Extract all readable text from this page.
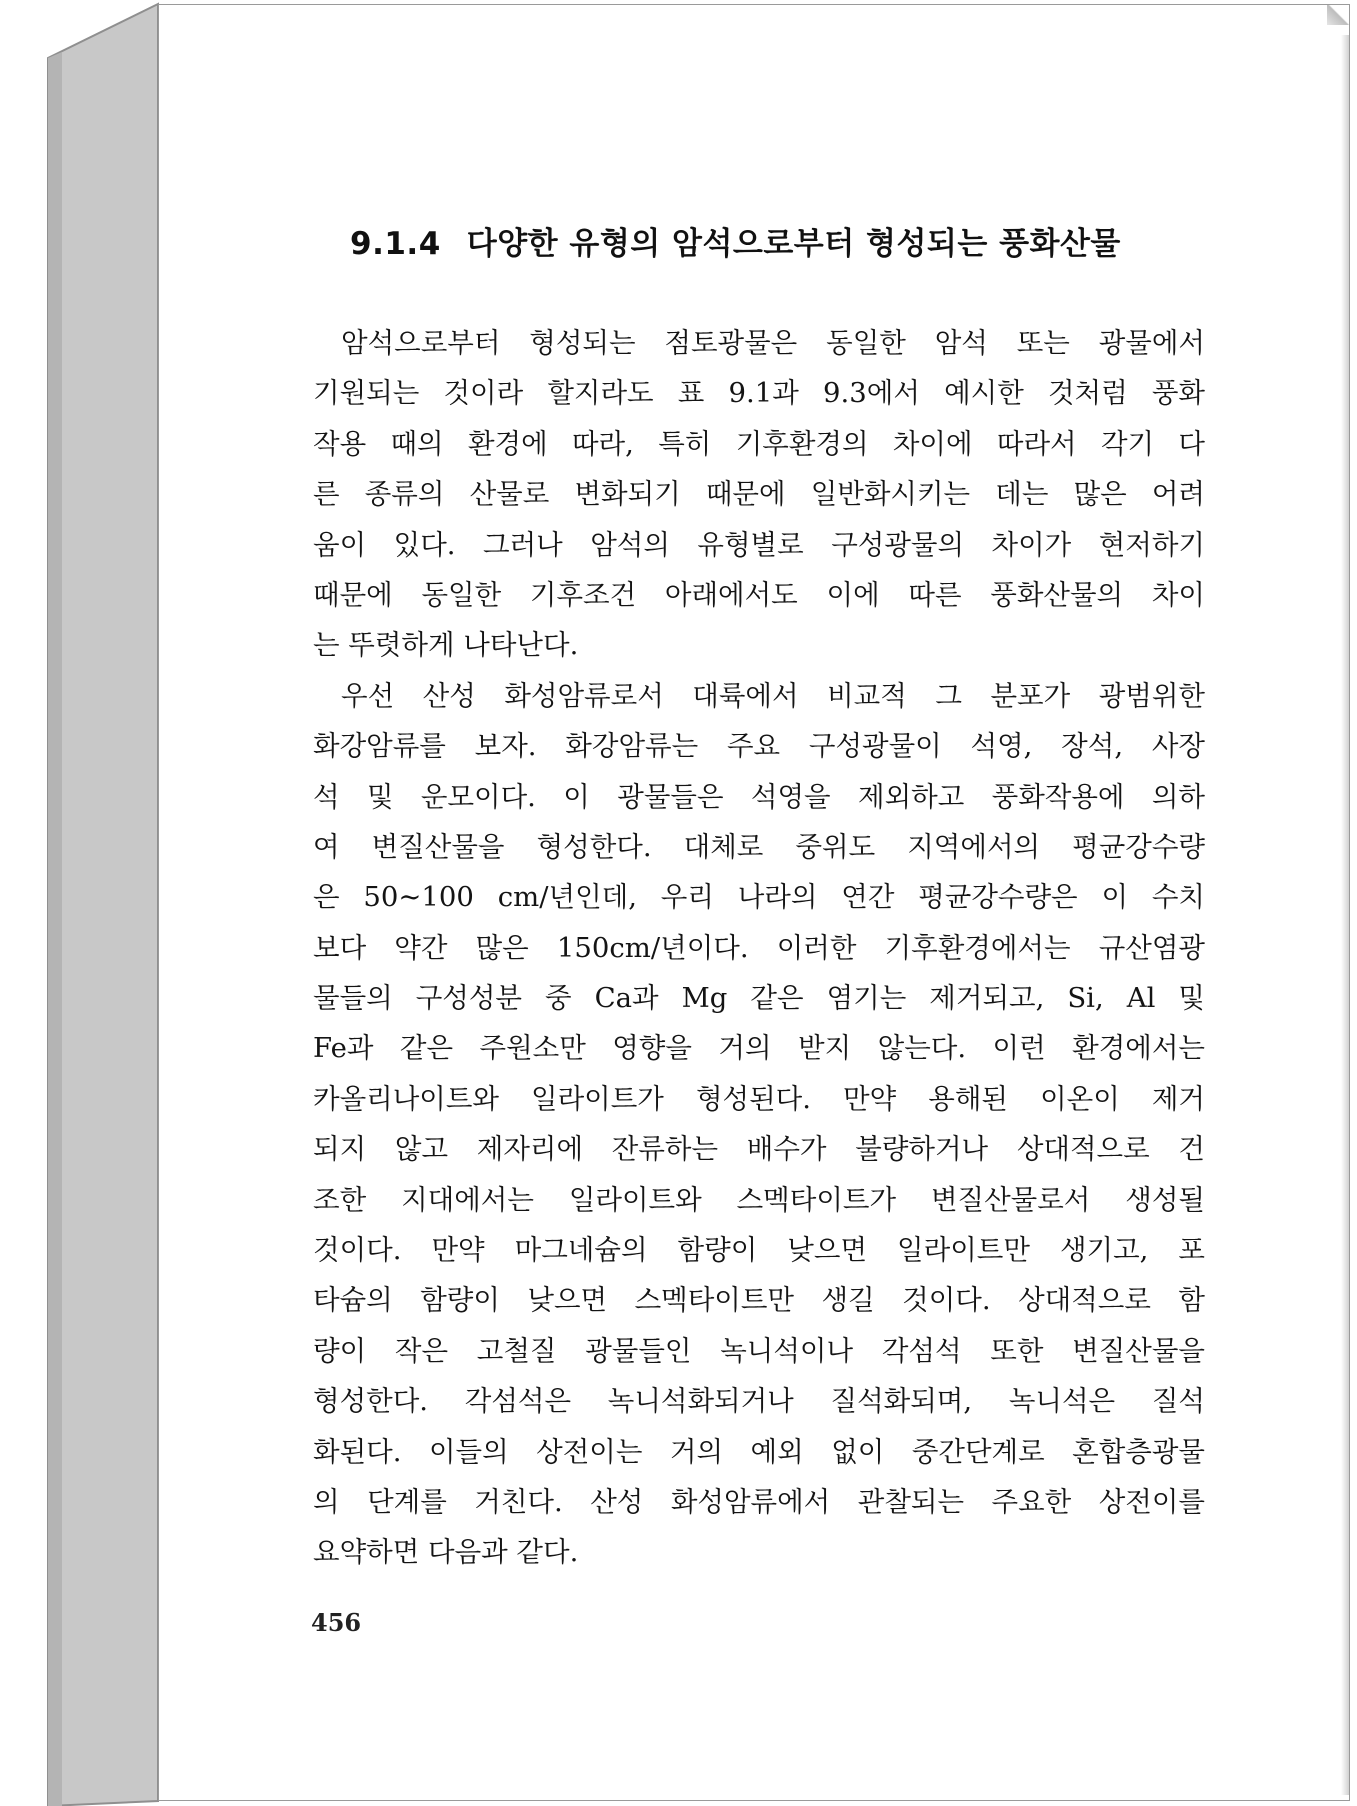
9.1.4 다양한 유형의 암석으로부터 형성되는 풍화산물
암석으로부터 형성되는 점토광물은 동일한 암석 또는 광물에서
기원되는 것이라 할지라도 표 9.1과 9.3에서 예시한 것처럼 풍화
작용 때의 환경에 따라, 특히 기후환경의 차이에 따라서 각기 다
른 종류의 산물로 변화되기 때문에 일반화시키는 데는 많은 어려
움이 있다. 그러나 암석의 유형별로 구성광물의 차이가 현저하기
때문에 동일한 기후조건 아래에서도 이에 따른 풍화산물의 차이
는 뚜렷하게 나타난다.
우선 산성 화성암류로서 대륙에서 비교적 그 분포가 광범위한
화강암류를 보자. 화강암류는 주요 구성광물이 석영, 장석, 사장
석 및 운모이다. 이 광물들은 석영을 제외하고 풍화작용에 의하
여 변질산물을 형성한다. 대체로 중위도 지역에서의 평균강수량
은 50∼100 cm/년인데, 우리 나라의 연간 평균강수량은 이 수치
보다 약간 많은 150cm/년이다. 이러한 기후환경에서는 규산염광
물들의 구성성분 중 Ca과 Mg 같은 염기는 제거되고, Si, Al 및
Fe과 같은 주원소만 영향을 거의 받지 않는다. 이런 환경에서는
카올리나이트와 일라이트가 형성된다. 만약 용해된 이온이 제거
되지 않고 제자리에 잔류하는 배수가 불량하거나 상대적으로 건
조한 지대에서는 일라이트와 스멕타이트가 변질산물로서 생성될
것이다. 만약 마그네슘의 함량이 낮으면 일라이트만 생기고, 포
타슘의 함량이 낮으면 스멕타이트만 생길 것이다. 상대적으로 함
량이 작은 고철질 광물들인 녹니석이나 각섬석 또한 변질산물을
형성한다. 각섬석은 녹니석화되거나 질석화되며, 녹니석은 질석
화된다. 이들의 상전이는 거의 예외 없이 중간단계로 혼합층광물
의 단계를 거친다. 산성 화성암류에서 관찰되는 주요한 상전이를
요약하면 다음과 같다.

456
